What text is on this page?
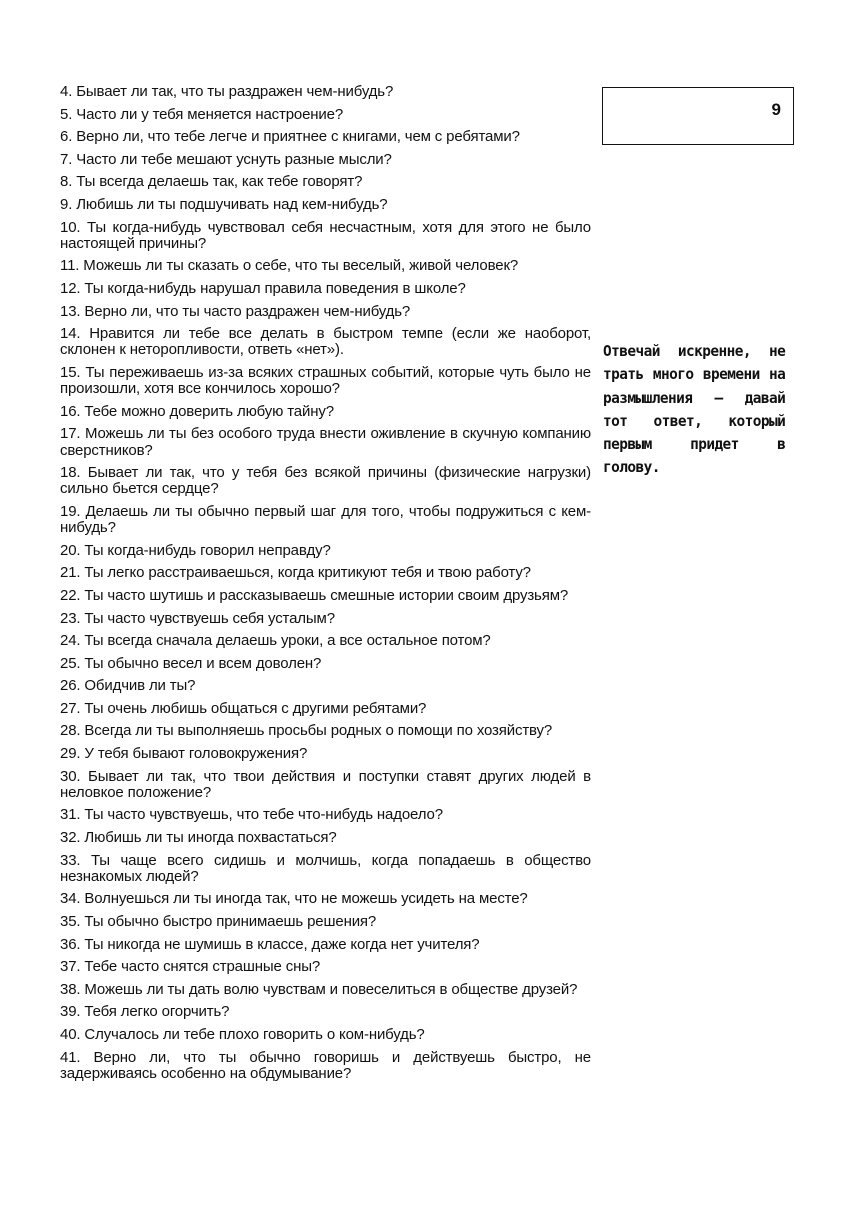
4. Бывает ли так, что ты раздражен чем-нибудь?

5. Часто ли у тебя меняется настроение?

6. Верно ли, что тебе легче и приятнее с книгами, чем с ребятами?

7. Часто ли тебе мешают уснуть разные мысли?

8. Ты всегда делаешь так, как тебе говорят?

9. Любишь ли ты подшучивать над кем-нибудь?

10. Ты когда-нибудь чувствовал себя несчастным, хотя для этого не было настоящей причины?

11. Можешь ли ты сказать о себе, что ты веселый, живой человек?

12. Ты когда-нибудь нарушал правила поведения в школе?

13. Верно ли, что ты часто раздражен чем-нибудь?

14. Нравится ли тебе все делать в быстром темпе (если же наоборот, склонен к неторопливости, ответь «нет»).

15. Ты переживаешь из-за всяких страшных событий, которые чуть было не произошли, хотя все кончилось хорошо?

16. Тебе можно доверить любую тайну?

17. Можешь ли ты без особого труда внести оживление в скучную компанию сверстников?

18. Бывает ли так, что у тебя без всякой причины (физические нагрузки) сильно бьется сердце?

19. Делаешь ли ты обычно первый шаг для того, чтобы подружиться с кем-нибудь?

20. Ты когда-нибудь говорил неправду?

21. Ты легко расстраиваешься, когда критикуют тебя и твою работу?

22. Ты часто шутишь и рассказываешь смешные истории своим друзьям?

23. Ты часто чувствуешь себя усталым?

24. Ты всегда сначала делаешь уроки, а все остальное потом?

25. Ты обычно весел и всем доволен?

26. Обидчив ли ты?

27. Ты очень любишь общаться с другими ребятами?

28. Всегда ли ты выполняешь просьбы родных о помощи по хозяйству?

29. У тебя бывают головокружения?

30. Бывает ли так, что твои действия и поступки ставят других людей в неловкое положение?

31. Ты часто чувствуешь, что тебе что-нибудь надоело?

32. Любишь ли ты иногда похвастаться?

33. Ты чаще всего сидишь и молчишь, когда попадаешь в общество незнакомых людей?

34. Волнуешься ли ты иногда так, что не можешь усидеть на месте?

35. Ты обычно быстро принимаешь решения?

36. Ты никогда не шумишь в классе, даже когда нет учителя?

37. Тебе часто снятся страшные сны?

38. Можешь ли ты дать волю чувствам и повеселиться в обществе друзей?

39. Тебя легко огорчить?

40. Случалось ли тебе плохо говорить о ком-нибудь?

41. Верно ли, что ты обычно говоришь и действуешь быстро, не задерживаясь особенно на обдумывание?

9
Отвечай искренне, не трать много времени на размышления – давай тот ответ, который первым придет в голову.
